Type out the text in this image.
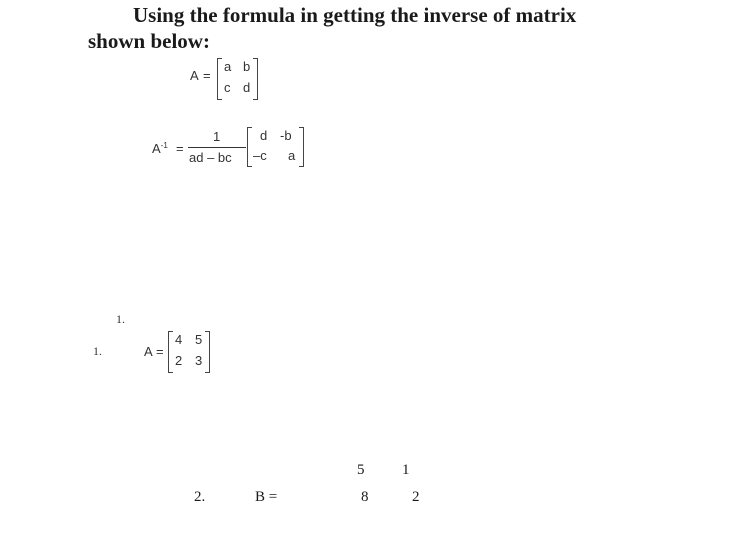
Using the formula in getting the inverse of matrix
shown below:
A =
a b
c d
$A^{-1}$ =
1
ad – bc
d -b
–c a
1.
1.	A =
4 5
2 3
2.	B =
5	1
8	2
